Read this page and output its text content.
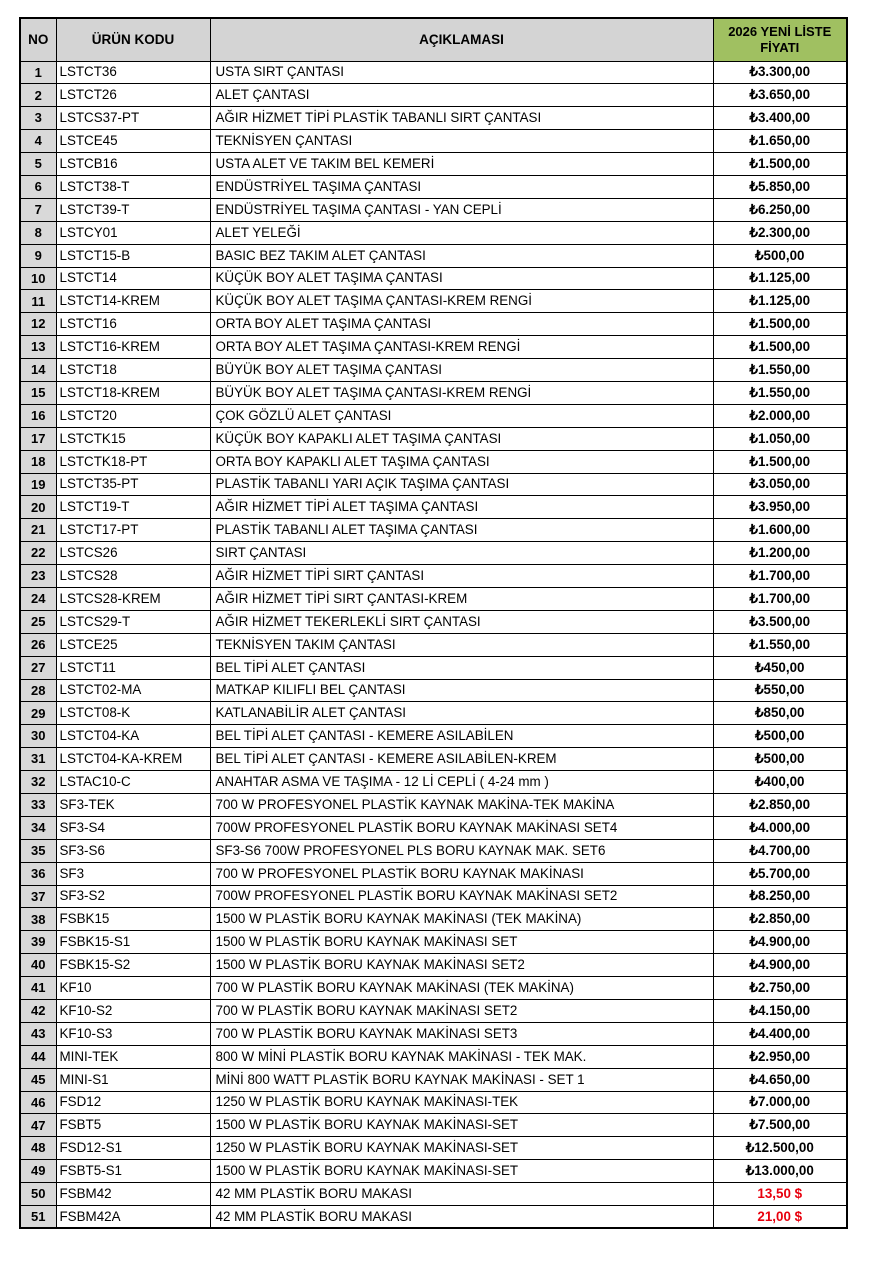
NO	ÜRÜN KODU	AÇIKLAMASI	2026 YENİ LİSTE FİYATI
1	LSTCT36	USTA SIRT ÇANTASI	₺3.300,00
2	LSTCT26	ALET ÇANTASI	₺3.650,00
3	LSTCS37-PT	AĞIR HİZMET TİPİ PLASTİK TABANLI SIRT ÇANTASI	₺3.400,00
4	LSTCE45	TEKNİSYEN ÇANTASI	₺1.650,00
5	LSTCB16	USTA ALET VE TAKIM BEL KEMERİ	₺1.500,00
6	LSTCT38-T	ENDÜSTRİYEL TAŞIMA ÇANTASI	₺5.850,00
7	LSTCT39-T	ENDÜSTRİYEL TAŞIMA ÇANTASI - YAN CEPLİ	₺6.250,00
8	LSTCY01	ALET YELEĞİ	₺2.300,00
9	LSTCT15-B	BASIC BEZ TAKIM ALET ÇANTASI	₺500,00
10	LSTCT14	KÜÇÜK BOY ALET TAŞIMA ÇANTASI	₺1.125,00
11	LSTCT14-KREM	KÜÇÜK BOY ALET TAŞIMA ÇANTASI-KREM RENGİ	₺1.125,00
12	LSTCT16	ORTA BOY ALET TAŞIMA ÇANTASI	₺1.500,00
13	LSTCT16-KREM	ORTA BOY ALET TAŞIMA ÇANTASI-KREM RENGİ	₺1.500,00
14	LSTCT18	BÜYÜK BOY ALET TAŞIMA ÇANTASI	₺1.550,00
15	LSTCT18-KREM	BÜYÜK BOY ALET TAŞIMA ÇANTASI-KREM RENGİ	₺1.550,00
16	LSTCT20	ÇOK GÖZLÜ ALET ÇANTASI	₺2.000,00
17	LSTCTK15	KÜÇÜK BOY KAPAKLI ALET TAŞIMA ÇANTASI	₺1.050,00
18	LSTCTK18-PT	ORTA BOY KAPAKLI ALET TAŞIMA ÇANTASI	₺1.500,00
19	LSTCT35-PT	PLASTİK TABANLI YARI AÇIK TAŞIMA ÇANTASI	₺3.050,00
20	LSTCT19-T	AĞIR HİZMET TİPİ ALET TAŞIMA ÇANTASI	₺3.950,00
21	LSTCT17-PT	PLASTİK TABANLI ALET TAŞIMA ÇANTASI	₺1.600,00
22	LSTCS26	SIRT ÇANTASI	₺1.200,00
23	LSTCS28	AĞIR HİZMET TİPİ SIRT ÇANTASI	₺1.700,00
24	LSTCS28-KREM	AĞIR HİZMET TİPİ SIRT ÇANTASI-KREM	₺1.700,00
25	LSTCS29-T	AĞIR HİZMET TEKERLEKLİ SIRT ÇANTASI	₺3.500,00
26	LSTCE25	TEKNİSYEN TAKIM ÇANTASI	₺1.550,00
27	LSTCT11	BEL TİPİ ALET ÇANTASI	₺450,00
28	LSTCT02-MA	MATKAP KILIFLI BEL ÇANTASI	₺550,00
29	LSTCT08-K	KATLANABİLİR ALET ÇANTASI	₺850,00
30	LSTCT04-KA	BEL TİPİ ALET ÇANTASI - KEMERE ASILABİLEN	₺500,00
31	LSTCT04-KA-KREM	BEL TİPİ ALET ÇANTASI - KEMERE ASILABİLEN-KREM	₺500,00
32	LSTAC10-C	ANAHTAR ASMA VE TAŞIMA - 12 Lİ CEPLİ ( 4-24 mm )	₺400,00
33	SF3-TEK	700 W PROFESYONEL PLASTİK KAYNAK MAKİNA-TEK MAKİNA	₺2.850,00
34	SF3-S4	700W PROFESYONEL PLASTİK BORU KAYNAK MAKİNASI SET4	₺4.000,00
35	SF3-S6	SF3-S6 700W PROFESYONEL PLS BORU KAYNAK MAK. SET6	₺4.700,00
36	SF3	700 W PROFESYONEL PLASTİK BORU KAYNAK MAKİNASI	₺5.700,00
37	SF3-S2	700W PROFESYONEL PLASTİK BORU KAYNAK MAKİNASI SET2	₺8.250,00
38	FSBK15	1500 W PLASTİK BORU KAYNAK MAKİNASI (TEK MAKİNA)	₺2.850,00
39	FSBK15-S1	1500 W PLASTİK BORU KAYNAK MAKİNASI SET	₺4.900,00
40	FSBK15-S2	1500 W PLASTİK BORU KAYNAK MAKİNASI SET2	₺4.900,00
41	KF10	700 W PLASTİK BORU KAYNAK MAKİNASI (TEK MAKİNA)	₺2.750,00
42	KF10-S2	700 W PLASTİK BORU KAYNAK MAKİNASI SET2	₺4.150,00
43	KF10-S3	700 W PLASTİK BORU KAYNAK MAKİNASI SET3	₺4.400,00
44	MINI-TEK	800 W MİNİ PLASTİK BORU KAYNAK MAKİNASI - TEK MAK.	₺2.950,00
45	MINI-S1	MİNİ 800 WATT PLASTİK BORU KAYNAK MAKİNASI - SET 1	₺4.650,00
46	FSD12	1250 W PLASTİK BORU KAYNAK MAKİNASI-TEK	₺7.000,00
47	FSBT5	1500 W PLASTİK BORU KAYNAK MAKİNASI-SET	₺7.500,00
48	FSD12-S1	1250 W PLASTİK BORU KAYNAK MAKİNASI-SET	₺12.500,00
49	FSBT5-S1	1500 W PLASTİK BORU KAYNAK MAKİNASI-SET	₺13.000,00
50	FSBM42	42 MM PLASTİK BORU MAKASI	13,50 $
51	FSBM42A	42 MM PLASTİK BORU MAKASI	21,00 $
